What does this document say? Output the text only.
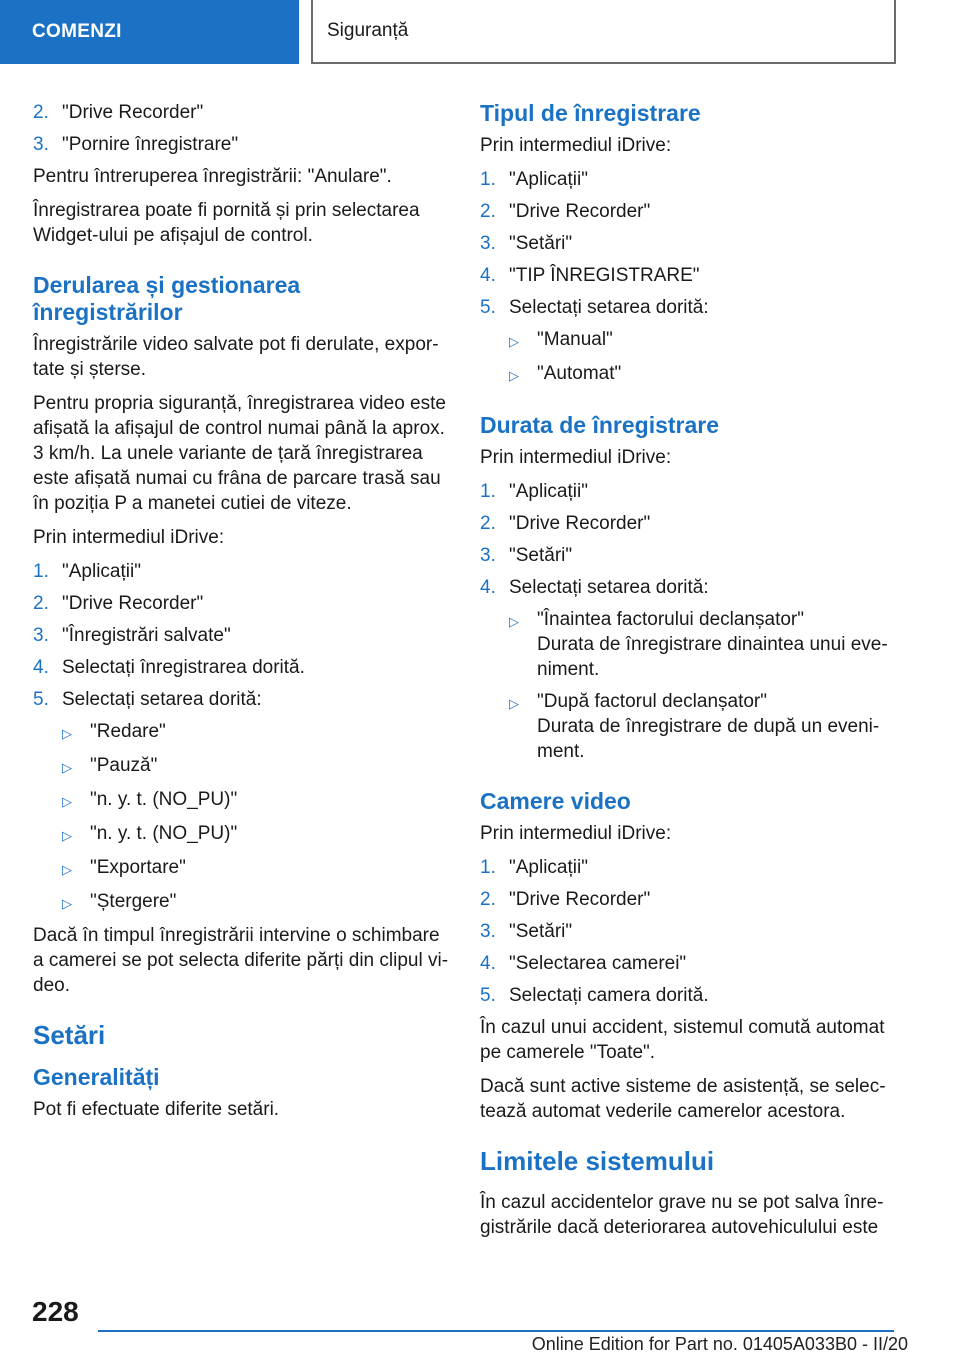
COMENZI	Siguranță
2. "Drive Recorder"
3. "Pornire înregistrare"

Pentru întreruperea înregistrării: "Anulare".

Înregistrarea poate fi pornită și prin selectarea Widget-ului pe afișajul de control.

Derularea și gestionarea înregistrărilor

Înregistrările video salvate pot fi derulate, expor-tate și șterse.

Pentru propria siguranță, înregistrarea video este afișată la afișajul de control numai până la aprox. 3 km/h. La unele variante de țară înregistrarea este afișată numai cu frâna de parcare trasă sau în poziția P a manetei cutiei de viteze.

Prin intermediul iDrive:

1. "Aplicații"
2. "Drive Recorder"
3. "Înregistrări salvate"
4. Selectați înregistrarea dorită.
5. Selectați setarea dorită:
▷ "Redare"
▷ "Pauză"
▷ "n. y. t. (NO_PU)"
▷ "n. y. t. (NO_PU)"
▷ "Exportare"
▷ "Ștergere"

Dacă în timpul înregistrării intervine o schimbare a camerei se pot selecta diferite părți din clipul vi-deo.

Setări
Generalități

Pot fi efectuate diferite setări.

Tipul de înregistrare

Prin intermediul iDrive:

1. "Aplicații"
2. "Drive Recorder"
3. "Setări"
4. "TIP ÎNREGISTRARE"
5. Selectați setarea dorită:
▷ "Manual"
▷ "Automat"
Durata de înregistrare

Prin intermediul iDrive:

1. "Aplicații"
2. "Drive Recorder"
3. "Setări"
4. Selectați setarea dorită:
▷ "Înaintea factorului declanșator"
Durata de înregistrare dinaintea unui eve-niment.
▷ "După factorul declanșator"
Durata de înregistrare de după un eveni-ment.
Camere video

Prin intermediul iDrive:

1. "Aplicații"
2. "Drive Recorder"
3. "Setări"
4. "Selectarea camerei"
5. Selectați camera dorită.

În cazul unui accident, sistemul comută automat pe camerele "Toate".

Dacă sunt active sisteme de asistență, se selec-tează automat vederile camerelor acestora.

Limitele sistemului

În cazul accidentelor grave nu se pot salva înre-gistrările dacă deteriorarea autovehiculului este

228
Online Edition for Part no. 01405A033B0 - II/20
